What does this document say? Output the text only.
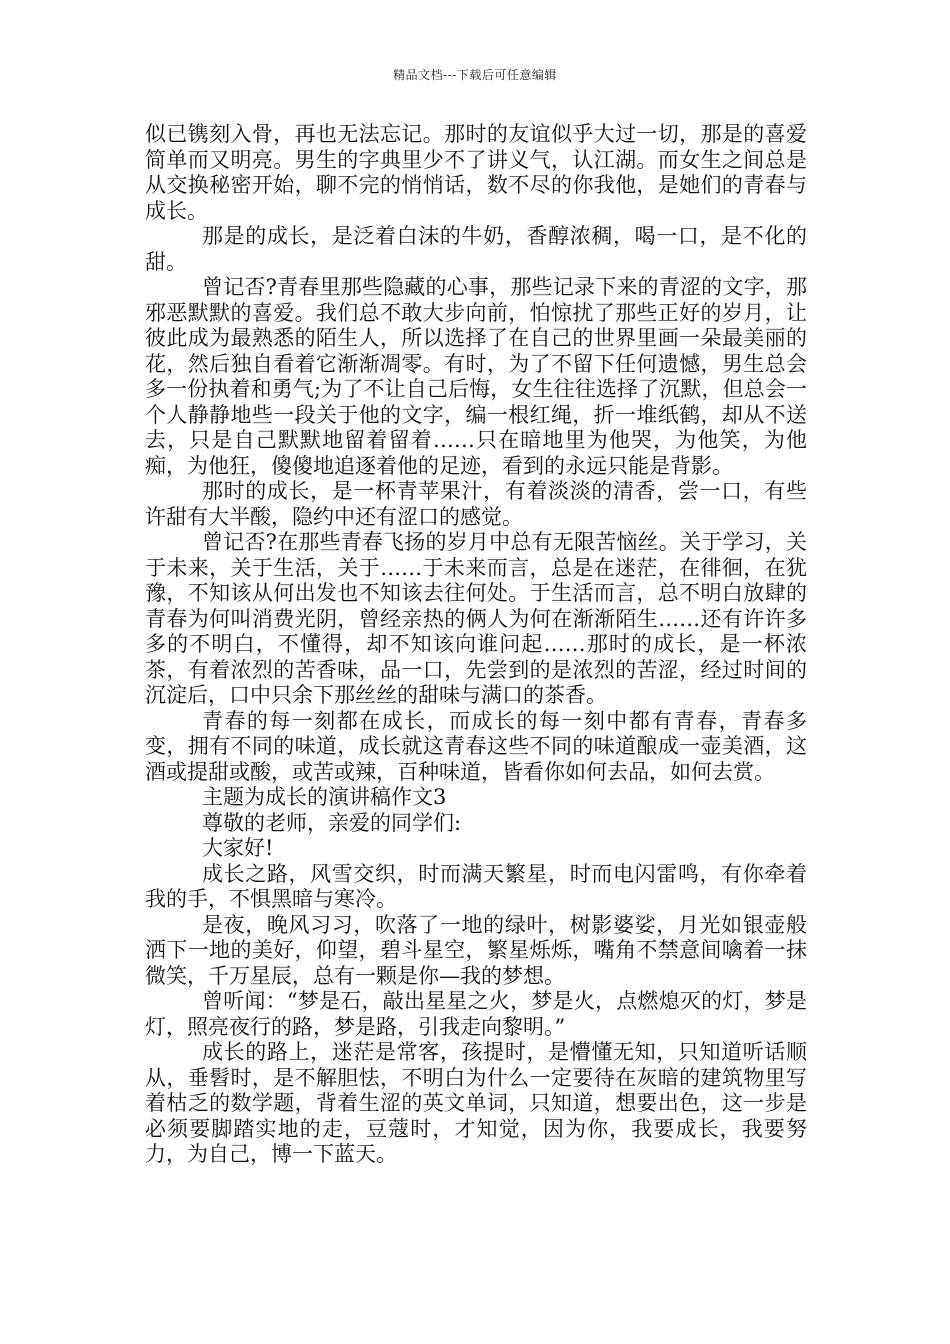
精品文档---下载后可任意编辑

似已镌刻入骨，再也无法忘记。那时的友谊似乎大过一切，那是的喜爱简单而又明亮。男生的字典里少不了讲义气，认江湖。而女生之间总是从交换秘密开始，聊不完的悄悄话，数不尽的你我他，是她们的青春与成长。

那是的成长，是泛着白沫的牛奶，香醇浓稠，喝一口，是不化的甜。

曾记否?青春里那些隐藏的心事，那些记录下来的青涩的文字，那邪恶默默的喜爱。我们总不敢大步向前，怕惊扰了那些正好的岁月，让彼此成为最熟悉的陌生人，所以选择了在自己的世界里画一朵最美丽的花，然后独自看着它渐渐凋零。有时，为了不留下任何遗憾，男生总会多一份执着和勇气;为了不让自己后悔，女生往往选择了沉默，但总会一个人静静地些一段关于他的文字，编一根红绳，折一堆纸鹤，却从不送去，只是自己默默地留着留着……只在暗地里为他哭，为他笑，为他痴，为他狂，傻傻地追逐着他的足迹，看到的永远只能是背影。

那时的成长，是一杯青苹果汁，有着淡淡的清香，尝一口，有些许甜有大半酸，隐约中还有涩口的感觉。

曾记否?在那些青春飞扬的岁月中总有无限苦恼丝。关于学习，关于未来，关于生活，关于……于未来而言，总是在迷茫，在徘徊，在犹豫，不知该从何出发也不知该去往何处。于生活而言，总不明白放肆的青春为何叫消费光阴，曾经亲热的俩人为何在渐渐陌生……还有许许多多的不明白，不懂得，却不知该向谁问起……那时的成长，是一杯浓茶，有着浓烈的苦香味，品一口，先尝到的是浓烈的苦涩，经过时间的沉淀后，口中只余下那丝丝的甜味与满口的茶香。

青春的每一刻都在成长，而成长的每一刻中都有青春，青春多变，拥有不同的味道，成长就这青春这些不同的味道酿成一壶美酒，这酒或提甜或酸，或苦或辣，百种味道，皆看你如何去品，如何去赏。

主题为成长的演讲稿作文3

尊敬的老师，亲爱的同学们:

大家好!

成长之路，风雪交织，时而满天繁星，时而电闪雷鸣，有你牵着我的手，不惧黑暗与寒冷。

是夜，晚风习习，吹落了一地的绿叶，树影婆娑，月光如银壶般洒下一地的美好，仰望，碧斗星空，繁星烁烁，嘴角不禁意间噙着一抹微笑，千万星辰，总有一颗是你—我的梦想。

曾听闻：“梦是石，敲出星星之火，梦是火，点燃熄灭的灯，梦是灯，照亮夜行的路，梦是路，引我走向黎明。”

成长的路上，迷茫是常客，孩提时，是懵懂无知，只知道听话顺从，垂髫时，是不解胆怯，不明白为什么一定要待在灰暗的建筑物里写着枯乏的数学题，背着生涩的英文单词，只知道，想要出色，这一步是必须要脚踏实地的走，豆蔻时，才知觉，因为你，我要成长，我要努力，为自己，博一下蓝天。
